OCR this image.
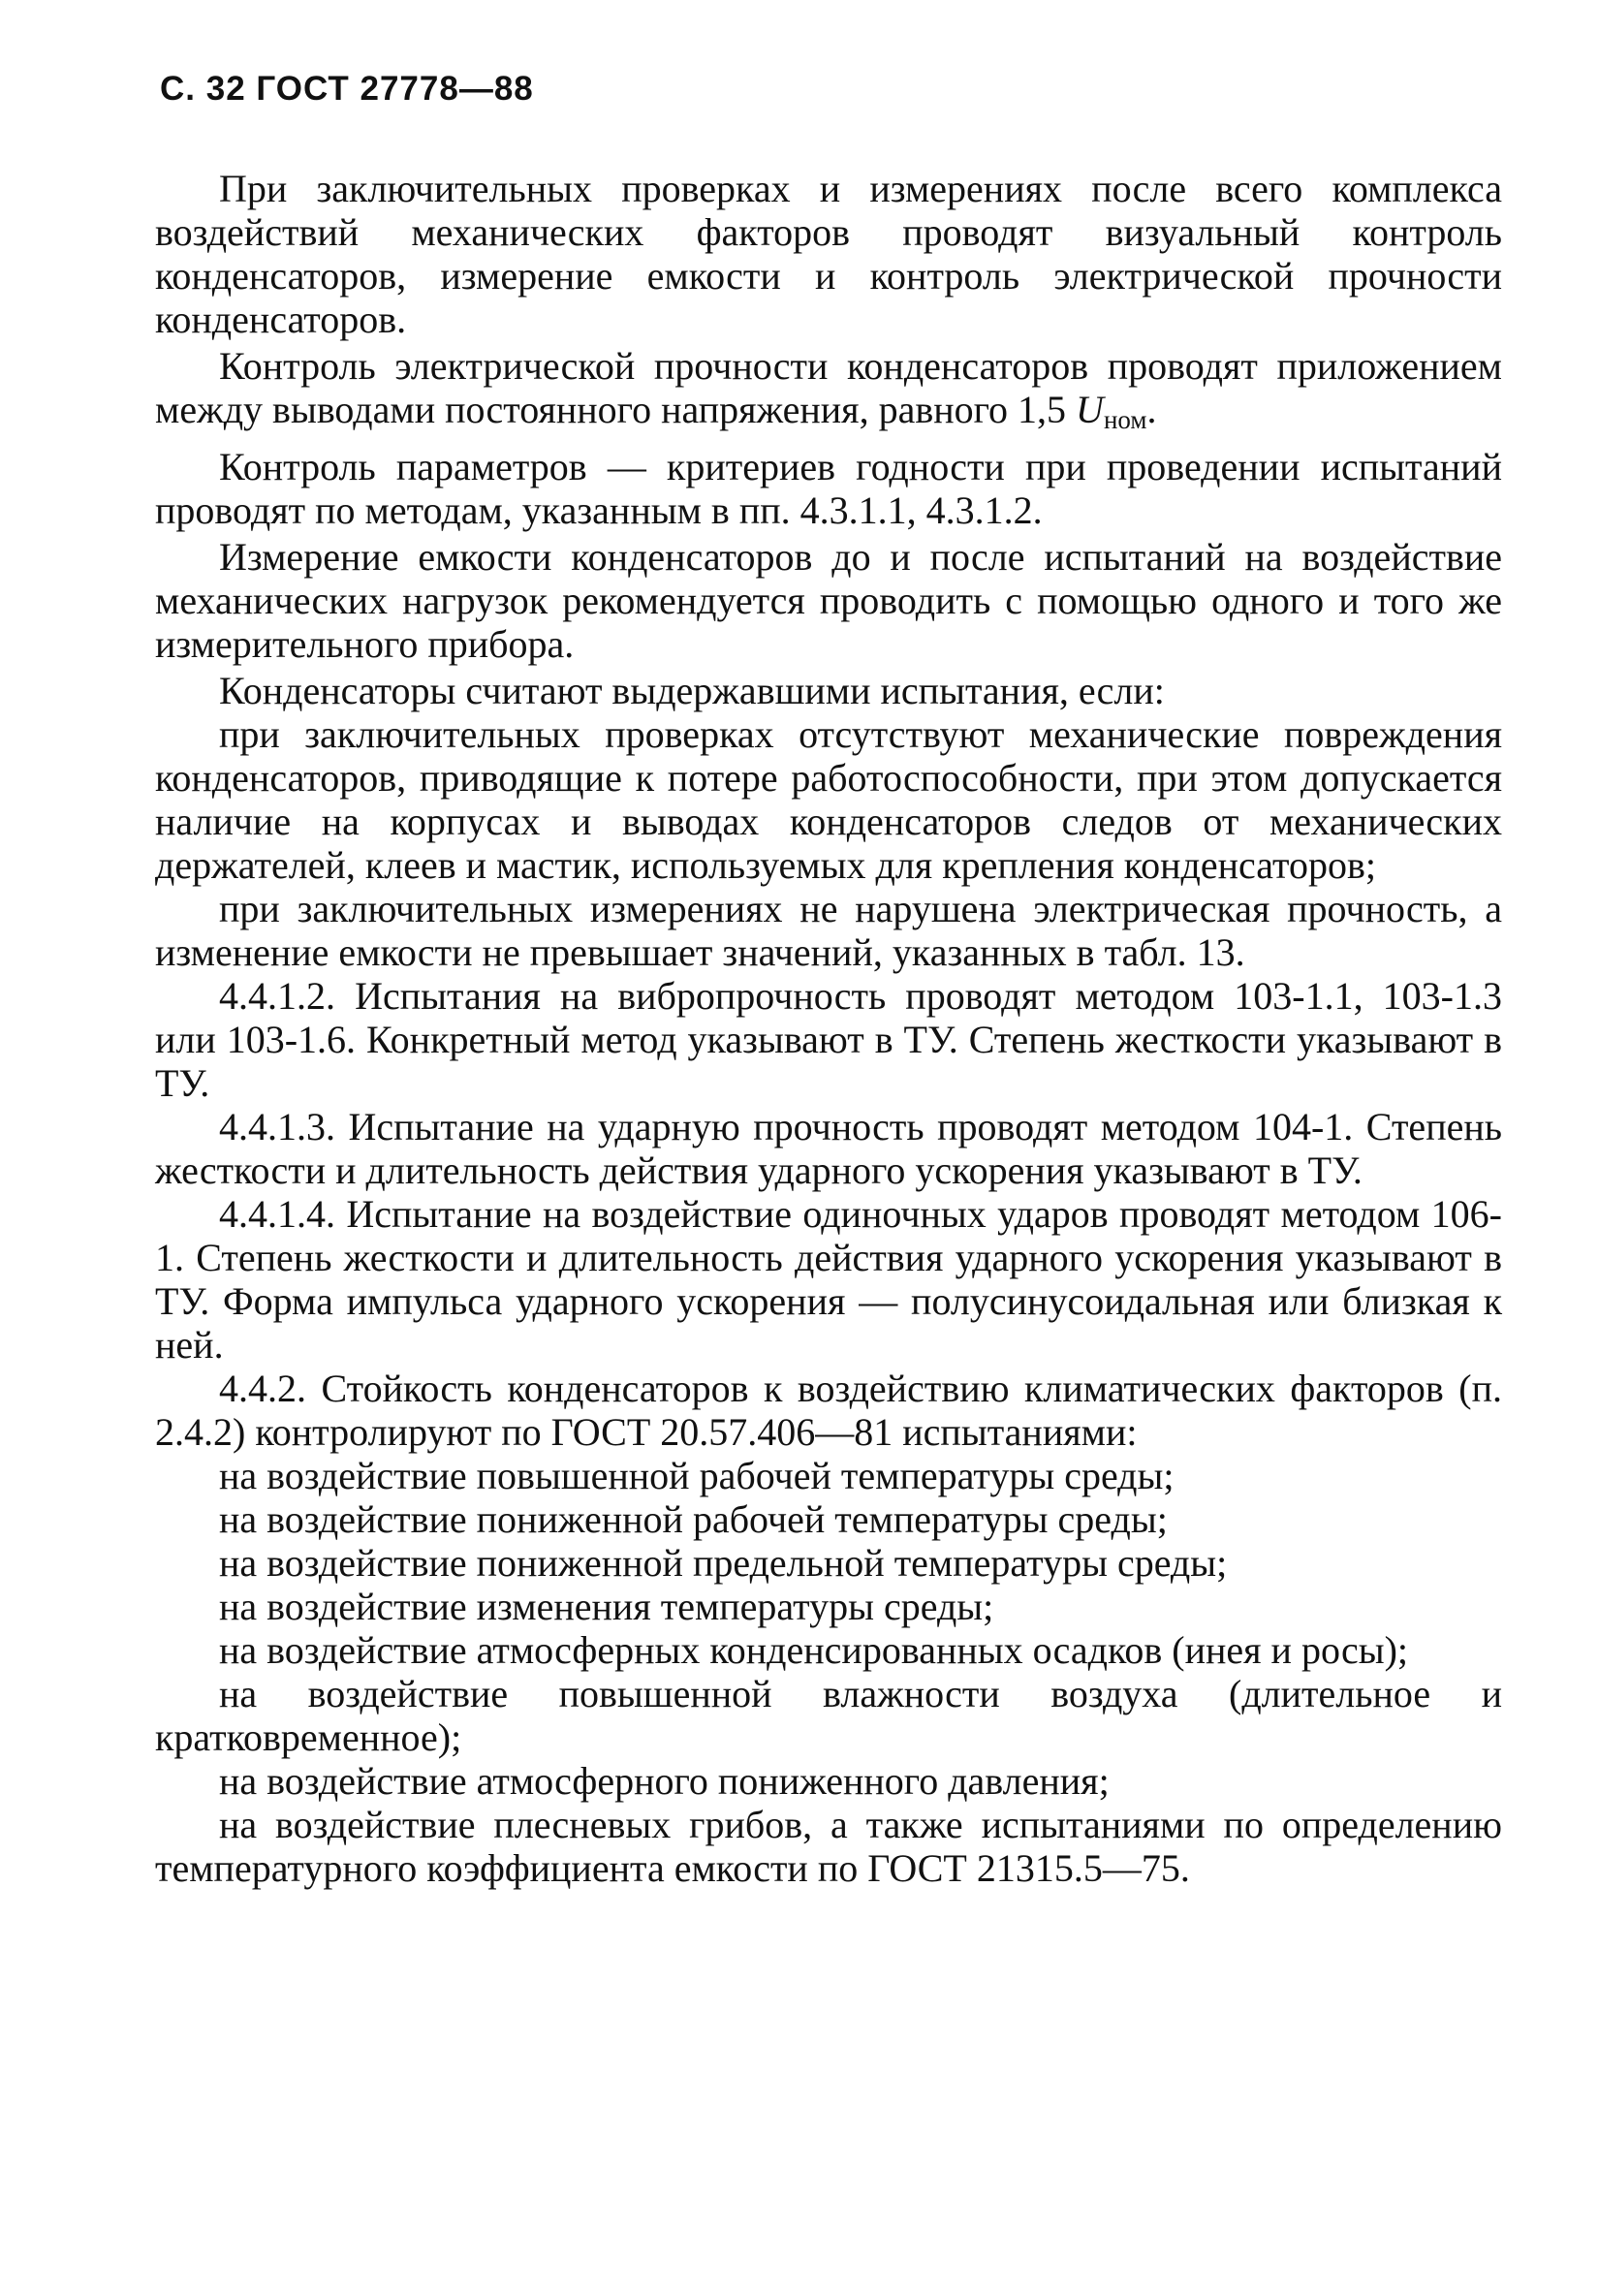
С. 32 ГОСТ 27778—88

При заключительных проверках и измерениях после всего комплекса воздействий механических факторов проводят визуальный контроль конденсаторов, измерение емкости и контроль электрической прочности конденсаторов.

Контроль электрической прочности конденсаторов проводят приложением между выводами постоянного напряжения, равного 1,5 $U_{ном}$.

Контроль параметров — критериев годности при проведении испытаний проводят по методам, указанным в пп. 4.3.1.1, 4.3.1.2.

Измерение емкости конденсаторов до и после испытаний на воздействие механических нагрузок рекомендуется проводить с помощью одного и того же измерительного прибора.

Конденсаторы считают выдержавшими испытания, если:

при заключительных проверках отсутствуют механические повреждения конденсаторов, приводящие к потере работоспособности, при этом допускается наличие на корпусах и выводах конденсаторов следов от механических держателей, клеев и мастик, используемых для крепления конденсаторов;

при заключительных измерениях не нарушена электрическая прочность, а изменение емкости не превышает значений, указанных в табл. 13.

4.4.1.2. Испытания на вибропрочность проводят методом 103-1.1, 103-1.3 или 103-1.6. Конкретный метод указывают в ТУ. Степень жесткости указывают в ТУ.

4.4.1.3. Испытание на ударную прочность проводят методом 104-1. Степень жесткости и длительность действия ударного ускорения указывают в ТУ.

4.4.1.4. Испытание на воздействие одиночных ударов проводят методом 106-1. Степень жесткости и длительность действия ударного ускорения указывают в ТУ. Форма импульса ударного ускорения — полусинусоидальная или близкая к ней.

4.4.2. Стойкость конденсаторов к воздействию климатических факторов (п. 2.4.2) контролируют по ГОСТ 20.57.406—81 испытаниями:

на воздействие повышенной рабочей температуры среды;

на воздействие пониженной рабочей температуры среды;

на воздействие пониженной предельной температуры среды;

на воздействие изменения температуры среды;

на воздействие атмосферных конденсированных осадков (инея и росы);

на воздействие повышенной влажности воздуха (длительное и кратковременное);

на воздействие атмосферного пониженного давления;

на воздействие плесневых грибов, а также испытаниями по определению температурного коэффициента емкости по ГОСТ 21315.5—75.
